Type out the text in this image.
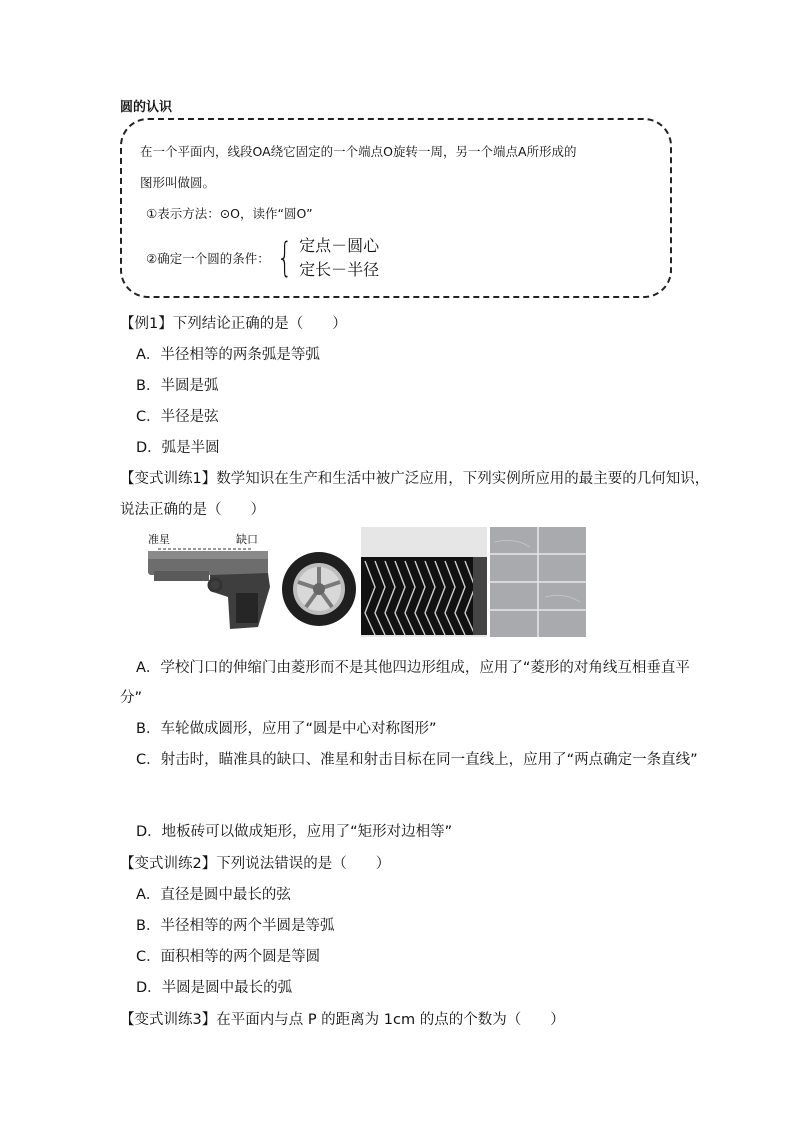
圆的认识
在一个平面内，线段OA绕它固定的一个端点O旋转一周，另一个端点A所形成的
图形叫做圆。
①表示方法：⊙O，读作“圆O”
②确定一个圆的条件： { 定点－圆心
定长－半径
【例1】下列结论正确的是（　　）
A．半径相等的两条弧是等弧
B．半圆是弧
C．半径是弦
D．弧是半圆
【变式训练1】数学知识在生产和生活中被广泛应用，下列实例所应用的最主要的几何知识，
说法正确的是（　　）
准星	缺口
A．学校门口的伸缩门由菱形而不是其他四边形组成，应用了“菱形的对角线互相垂直平
分”
B．车轮做成圆形，应用了“圆是中心对称图形”
C．射击时，瞄准具的缺口、准星和射击目标在同一直线上，应用了“两点确定一条直线”
D．地板砖可以做成矩形，应用了“矩形对边相等”
【变式训练2】下列说法错误的是（　　）
A．直径是圆中最长的弦
B．半径相等的两个半圆是等弧
C．面积相等的两个圆是等圆
D．半圆是圆中最长的弧
【变式训练3】在平面内与点 P 的距离为 1cm 的点的个数为（　　）
